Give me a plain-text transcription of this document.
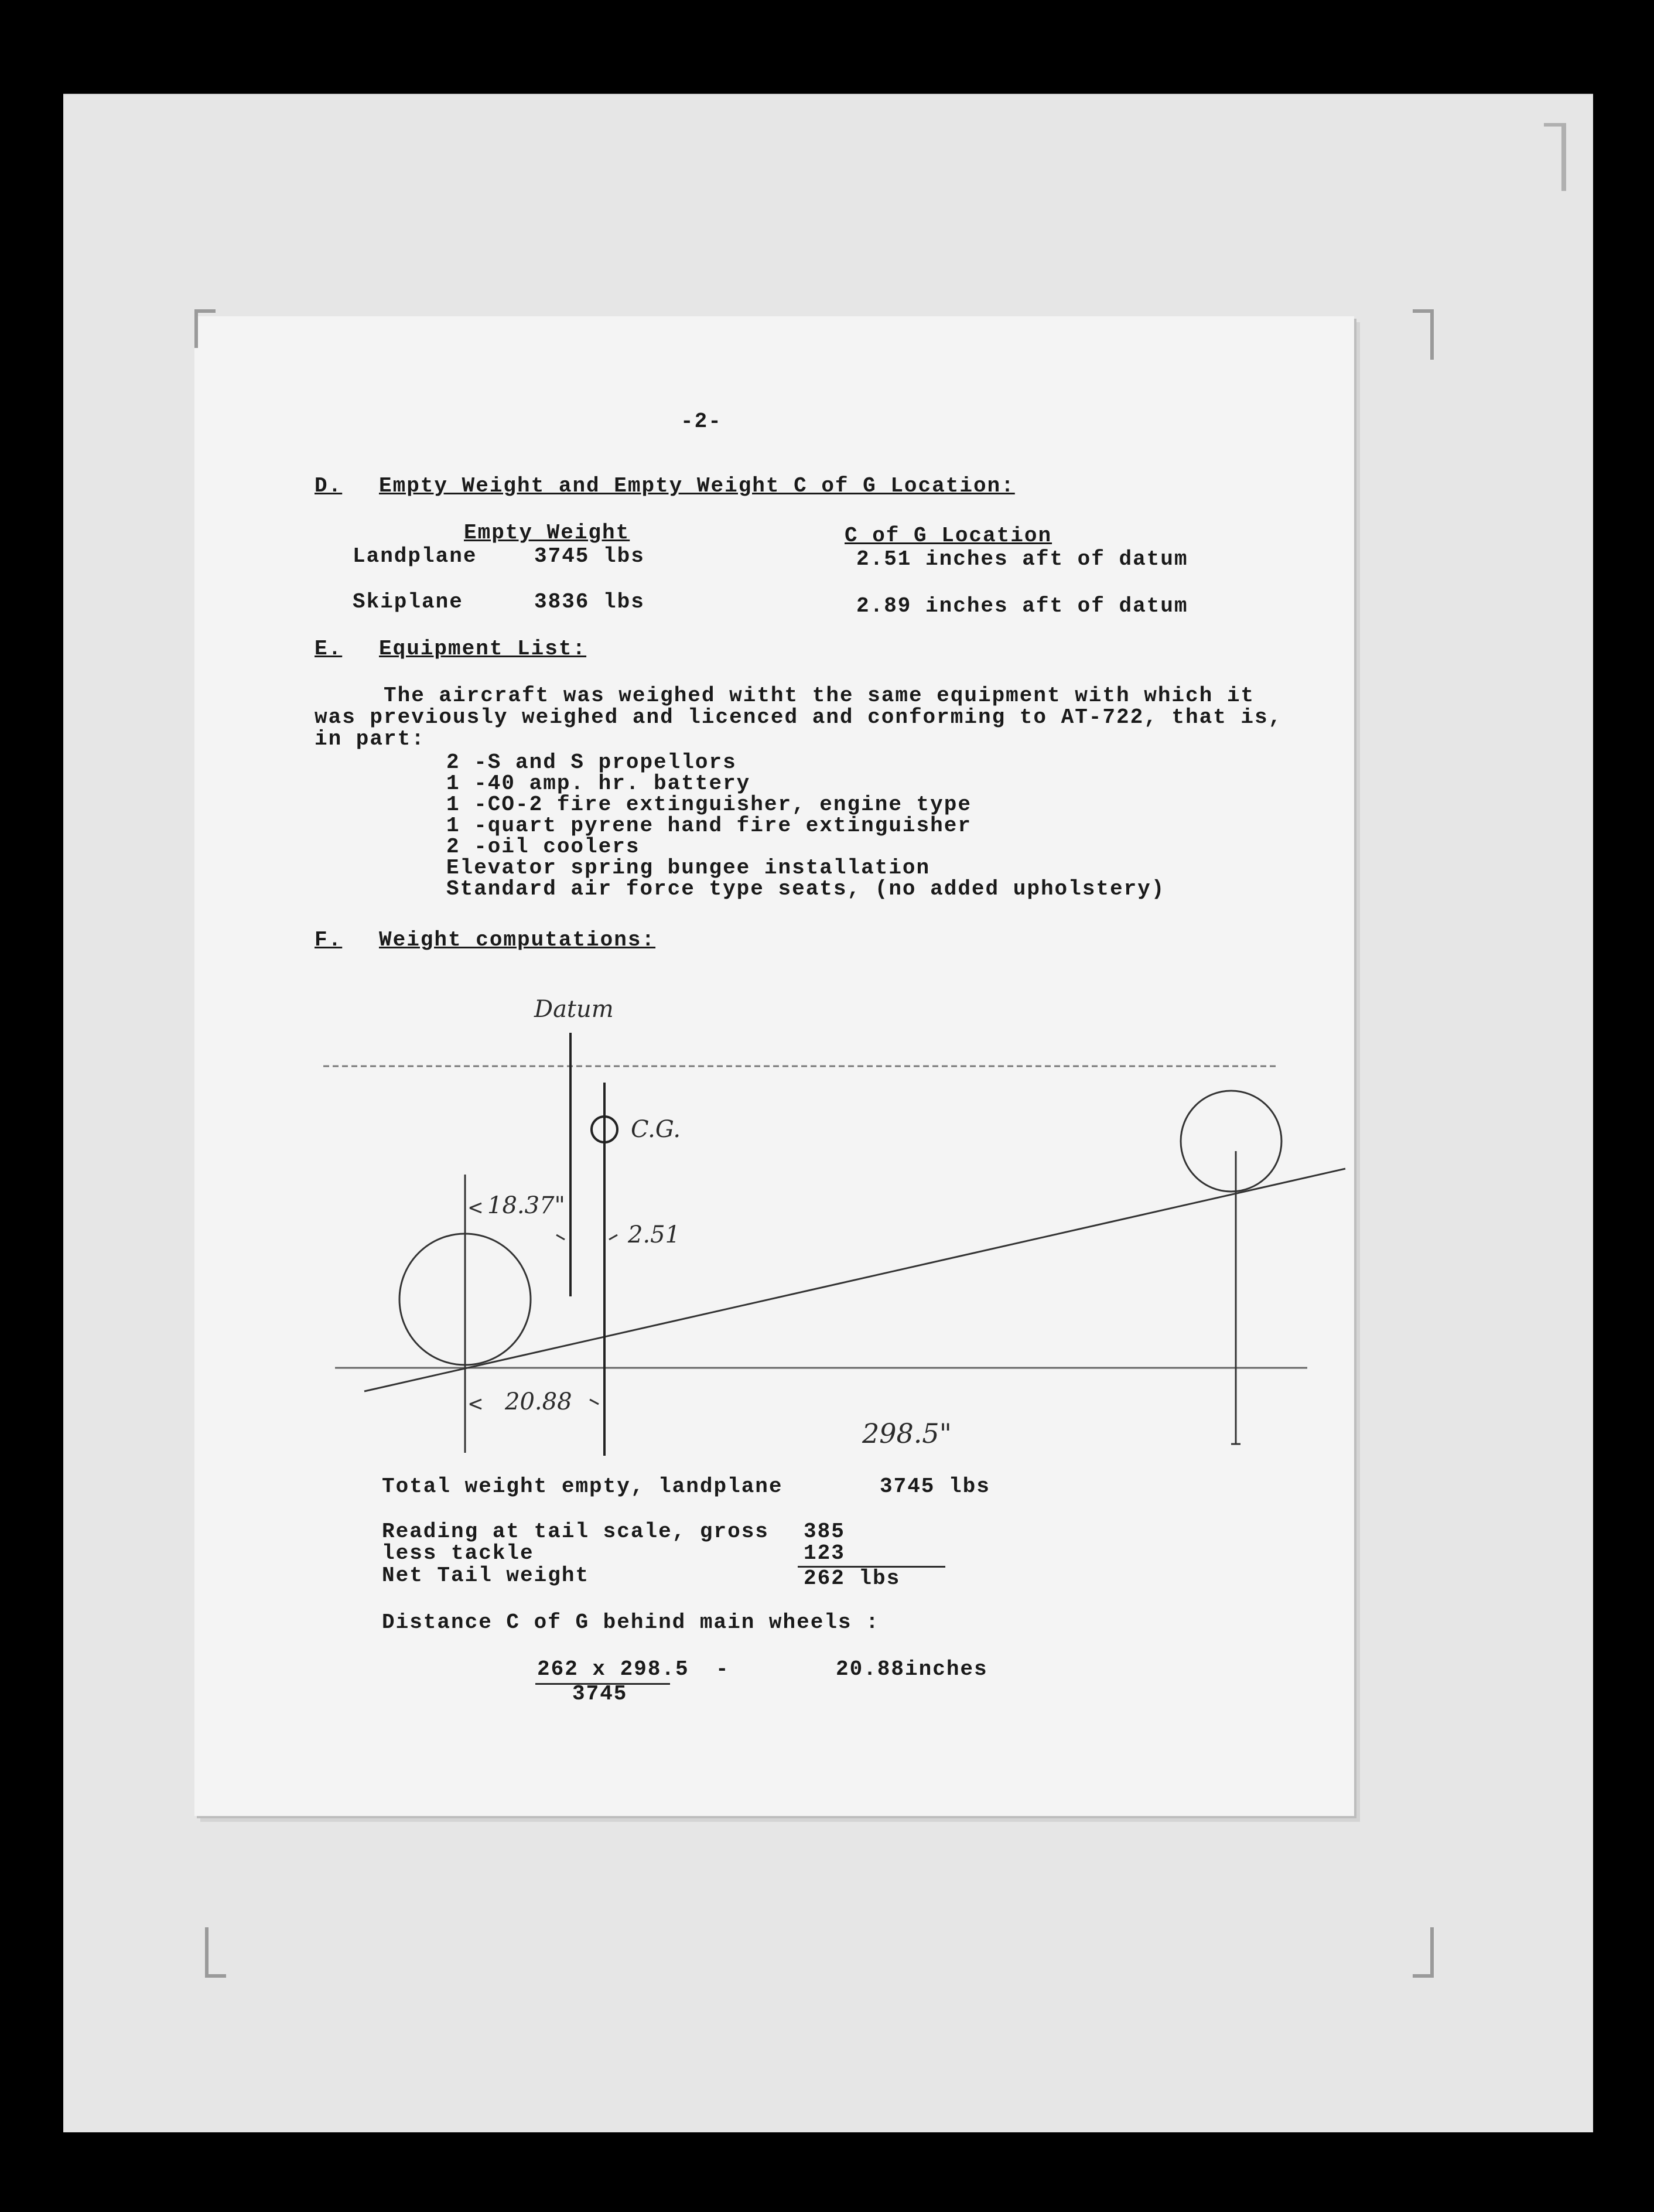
-2-
D. Empty Weight and Empty Weight C of G Location:
Empty Weight	C of G Location
Landplane	3745 lbs	2.51 inches aft of datum
Skiplane	3836 lbs	2.89 inches aft of datum
E. Equipment List:
The aircraft was weighed witht the same equipment with which it
was previously weighed and licenced and conforming to AT-722, that is,
in part:
2 -S and S propellors
1 -40 amp. hr. battery
1 -CO-2 fire extinguisher, engine type
1 -quart pyrene hand fire extinguisher
2 -oil coolers
Elevator spring bungee installation
Standard air force type seats, (no added upholstery)
F. Weight computations:
Datum
C.G.
18.37"
2.51
20.88
298.5"
Total weight empty, landplane	3745 lbs
Reading at tail scale, gross 385
less tackle	123
Net Tail weight	262 lbs
Distance C of G behind main wheels :
262 x 298.5
3745
-	20.88inches
